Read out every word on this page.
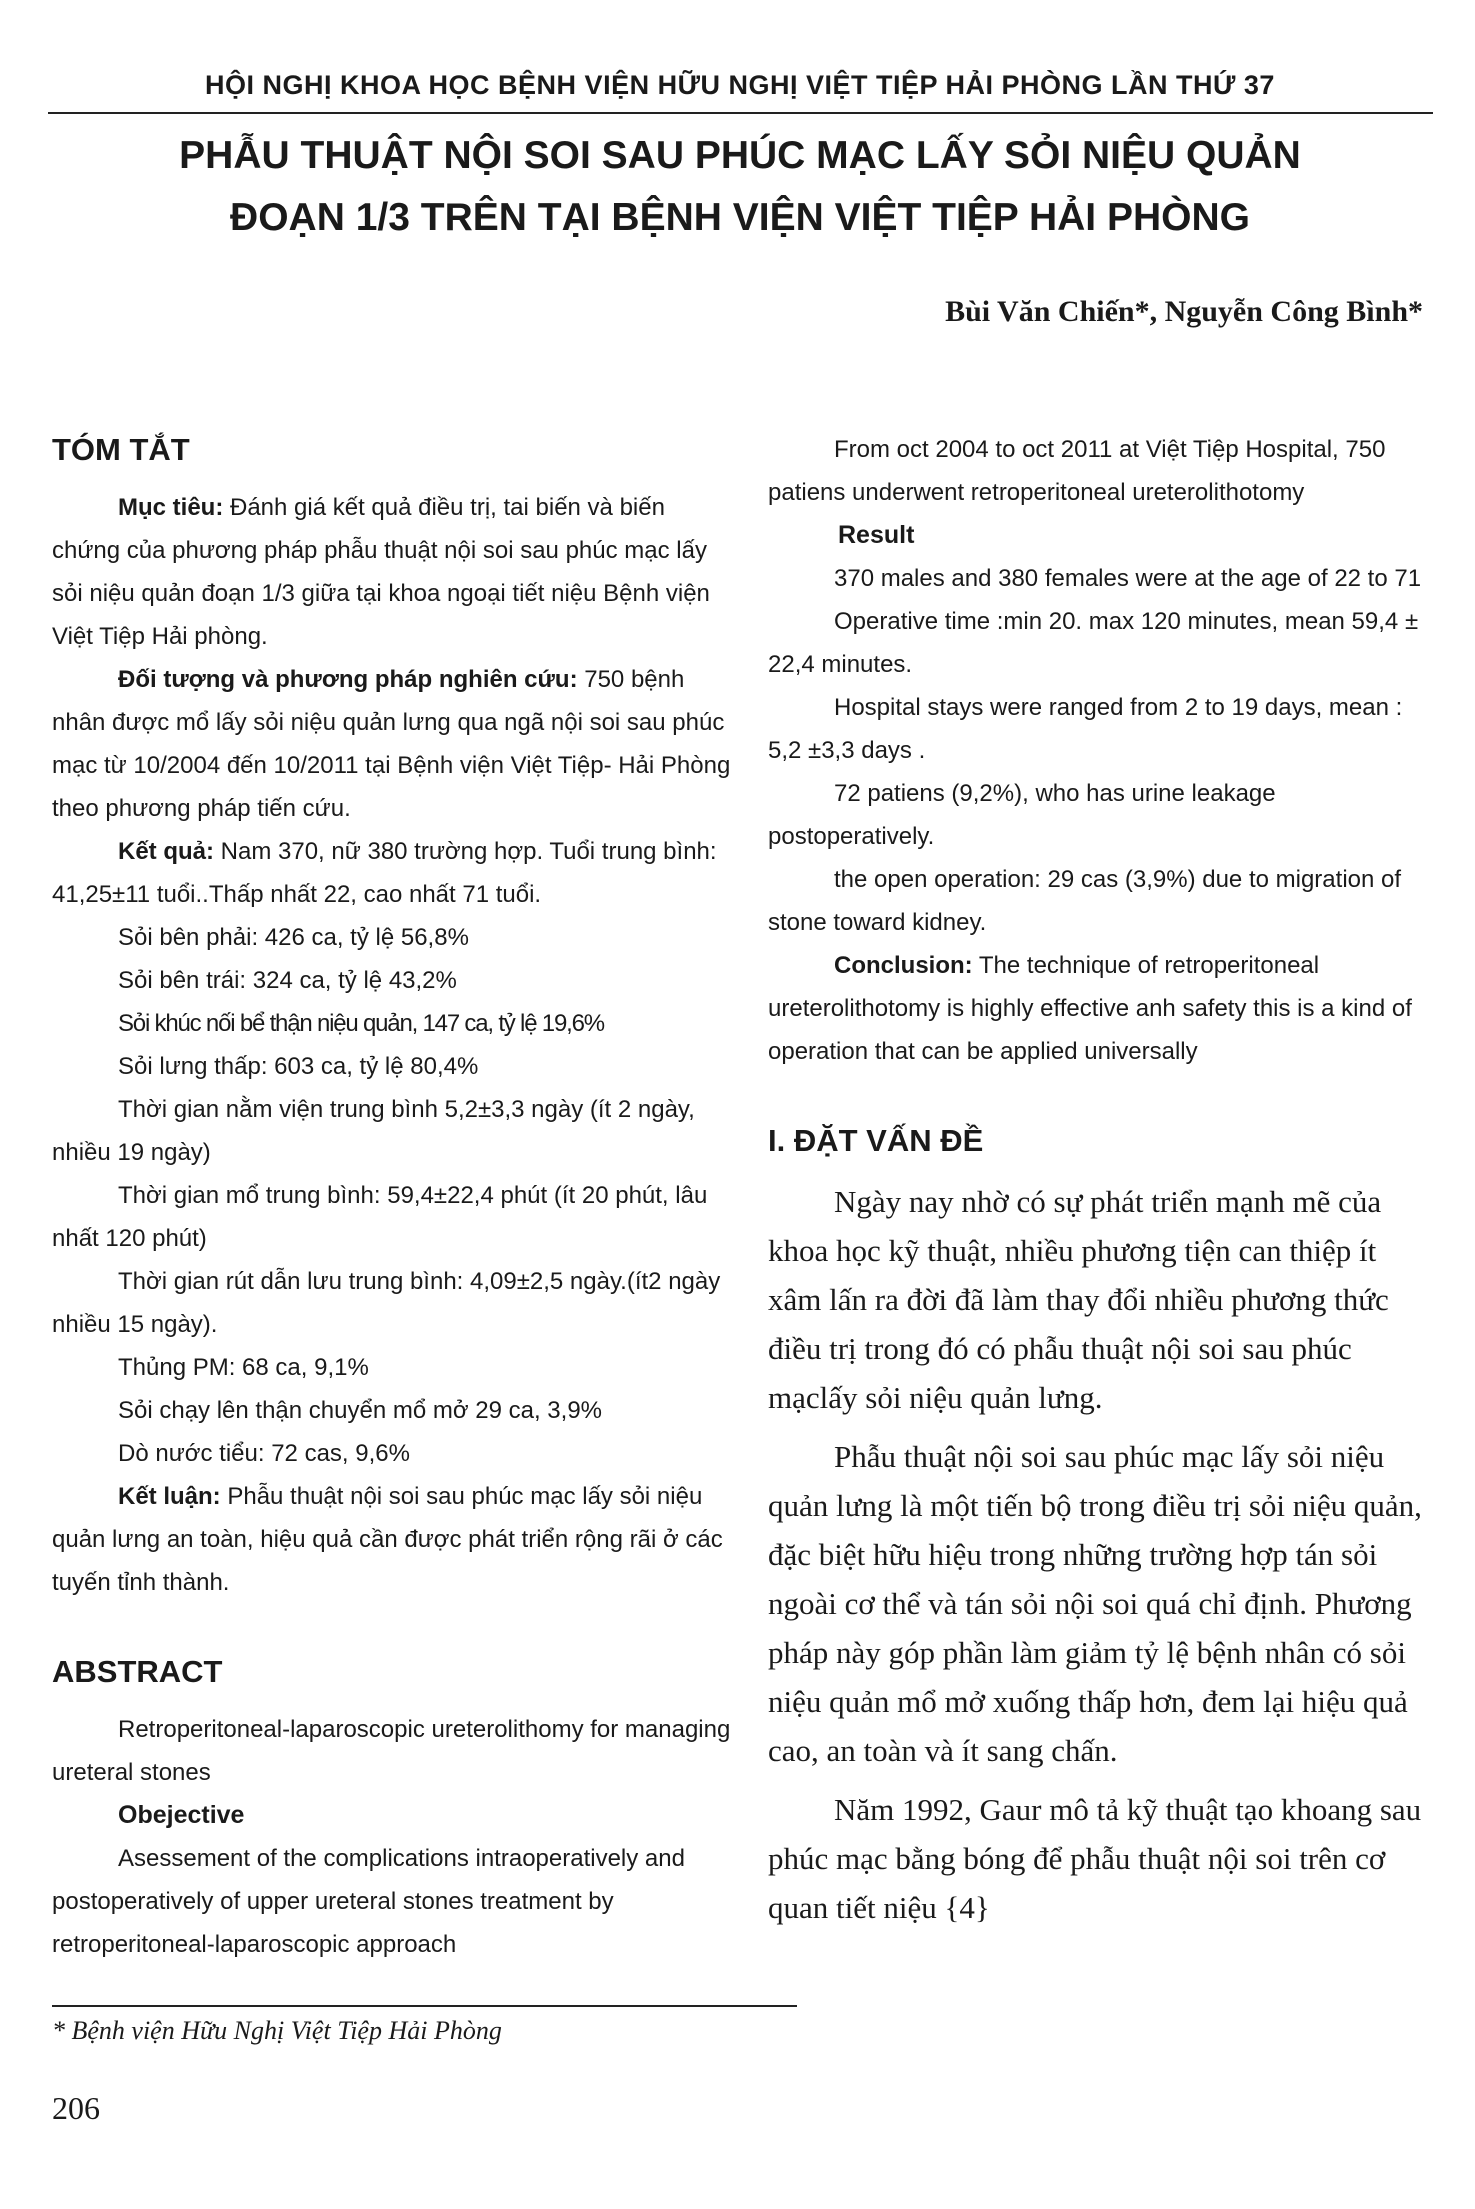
HỘI NGHỊ KHOA HỌC BỆNH VIỆN HỮU NGHỊ VIỆT TIỆP HẢI PHÒNG LẦN THỨ 37
PHẪU THUẬT NỘI SOI SAU PHÚC MẠC LẤY SỎI NIỆU QUẢN
ĐOẠN 1/3 TRÊN TẠI BỆNH VIỆN VIỆT TIỆP HẢI PHÒNG
Bùi Văn Chiến*, Nguyễn Công Bình*
TÓM TẮT

Mục tiêu: Đánh giá kết quả điều trị, tai biến và biến chứng của phương pháp phẫu thuật nội soi sau phúc mạc lấy sỏi niệu quản đoạn 1/3 giữa tại khoa ngoại tiết niệu Bệnh viện Việt Tiệp Hải phòng.

Đối tượng và phương pháp nghiên cứu: 750 bệnh nhân được mổ lấy sỏi niệu quản lưng qua ngã nội soi sau phúc mạc từ 10/2004 đến 10/2011 tại Bệnh viện Việt Tiệp- Hải Phòng theo phương pháp tiến cứu.

Kết quả: Nam 370, nữ 380 trường hợp. Tuổi trung bình: 41,25±11 tuổi..Thấp nhất 22, cao nhất 71 tuổi.

Sỏi bên phải: 426 ca, tỷ lệ 56,8%
Sỏi bên trái: 324 ca, tỷ lệ 43,2%
Sỏi khúc nối bể thận niệu quản, 147 ca, tỷ lệ 19,6%
Sỏi lưng thấp: 603 ca, tỷ lệ 80,4%

Thời gian nằm viện trung bình 5,2±3,3 ngày (ít 2 ngày, nhiều 19 ngày)

Thời gian mổ trung bình: 59,4±22,4 phút (ít 20 phút, lâu nhất 120 phút)

Thời gian rút dẫn lưu trung bình: 4,09±2,5 ngày.(ít2 ngày nhiều 15 ngày).

Thủng PM: 68 ca, 9,1%
Sỏi chạy lên thận chuyển mổ mở 29 ca, 3,9%
Dò nước tiểu: 72 cas, 9,6%

Kết luận: Phẫu thuật nội soi sau phúc mạc lấy sỏi niệu quản lưng an toàn, hiệu quả cần được phát triển rộng rãi ở các tuyến tỉnh thành.

ABSTRACT

Retroperitoneal-laparoscopic ureterolithomy for managing ureteral stones

Obejective

Asessement of the complications intraoperatively and postoperatively of upper ureteral stones treatment by retroperitoneal-laparoscopic approach

From oct 2004 to oct 2011 at Việt Tiệp Hospital, 750 patiens underwent retroperitoneal ureterolithotomy

Result

370 males and 380 females were at the age of 22 to 71

Operative time :min 20. max 120 minutes, mean 59,4 ± 22,4 minutes.

Hospital stays were ranged from 2 to 19 days, mean : 5,2 ±3,3 days .

72 patiens (9,2%), who has urine leakage postoperatively.

the open operation: 29 cas (3,9%) due to migration of stone toward kidney.

Conclusion: The technique of retroperitoneal ureterolithotomy is highly effective anh safety this is a kind of operation that can be applied universally

I. ĐẶT VẤN ĐỀ

Ngày nay nhờ có sự phát triển mạnh mẽ của khoa học kỹ thuật, nhiều phương tiện can thiệp ít xâm lấn ra đời đã làm thay đổi nhiều phương thức điều trị trong đó có phẫu thuật nội soi sau phúc mạclấy sỏi niệu quản lưng.

Phẫu thuật nội soi sau phúc mạc lấy sỏi niệu quản lưng là một tiến bộ trong điều trị sỏi niệu quản, đặc biệt hữu hiệu trong những trường hợp tán sỏi ngoài cơ thể và tán sỏi nội soi quá chỉ định. Phương pháp này góp phần làm giảm tỷ lệ bệnh nhân có sỏi niệu quản mổ mở xuống thấp hơn, đem lại hiệu quả cao, an toàn và ít sang chấn.

Năm 1992, Gaur mô tả kỹ thuật tạo khoang sau phúc mạc bằng bóng để phẫu thuật nội soi trên cơ quan tiết niệu {4}

* Bệnh viện Hữu Nghị Việt Tiệp Hải Phòng
206
